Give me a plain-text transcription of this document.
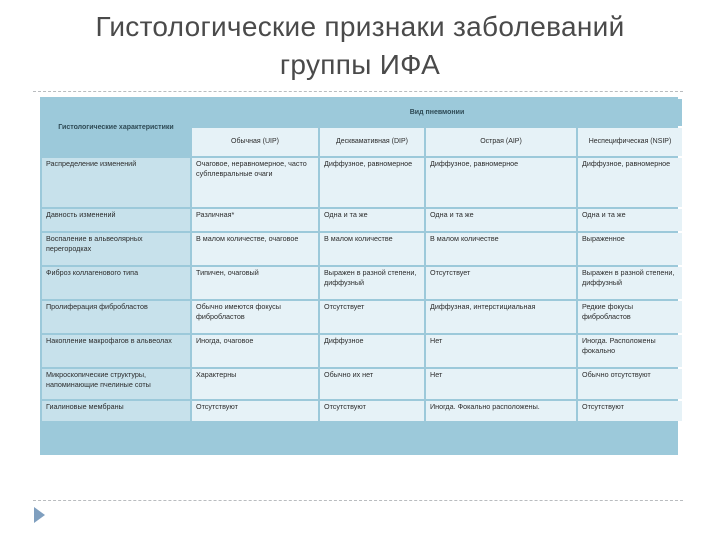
Гистологические признаки заболеваний
группы ИФА
Гистологические характеристики	Вид пневмонии			
	Обычная (UIP)	Десквамативная (DIP)	Острая (AIP)	Неспецифическая (NSIP)
Распределение изменений	Очаговое, неравномерное, часто субплевральные очаги	Диффузное, равномерное	Диффузное, равномерное	Диффузное, равномерное
Давность изменений	Различная*	Одна и та же	Одна и та же	Одна и та же
Воспаление в альвеолярных перегородках	В малом количестве, очаговое	В малом количестве	В малом количестве	Выраженное
Фиброз коллагенового типа	Типичен, очаговый	Выражен в разной степени, диффузный	Отсутствует	Выражен в разной степени, диффузный
Пролиферация фибробластов	Обычно имеются фокусы фибробластов	Отсутствует	Диффузная, интерстициальная	Редкие фокусы фибробластов
Накопление макрофагов в альвеолах	Иногда, очаговое	Диффузное	Нет	Иногда. Расположены фокально
Микроскопические структуры, напоминающие пчелиные соты	Характерны	Обычно их нет	Нет	Обычно отсутствуют
Гиалиновые мембраны	Отсутствуют	Отсутствуют	Иногда. Фокально расположены.	Отсутствуют
